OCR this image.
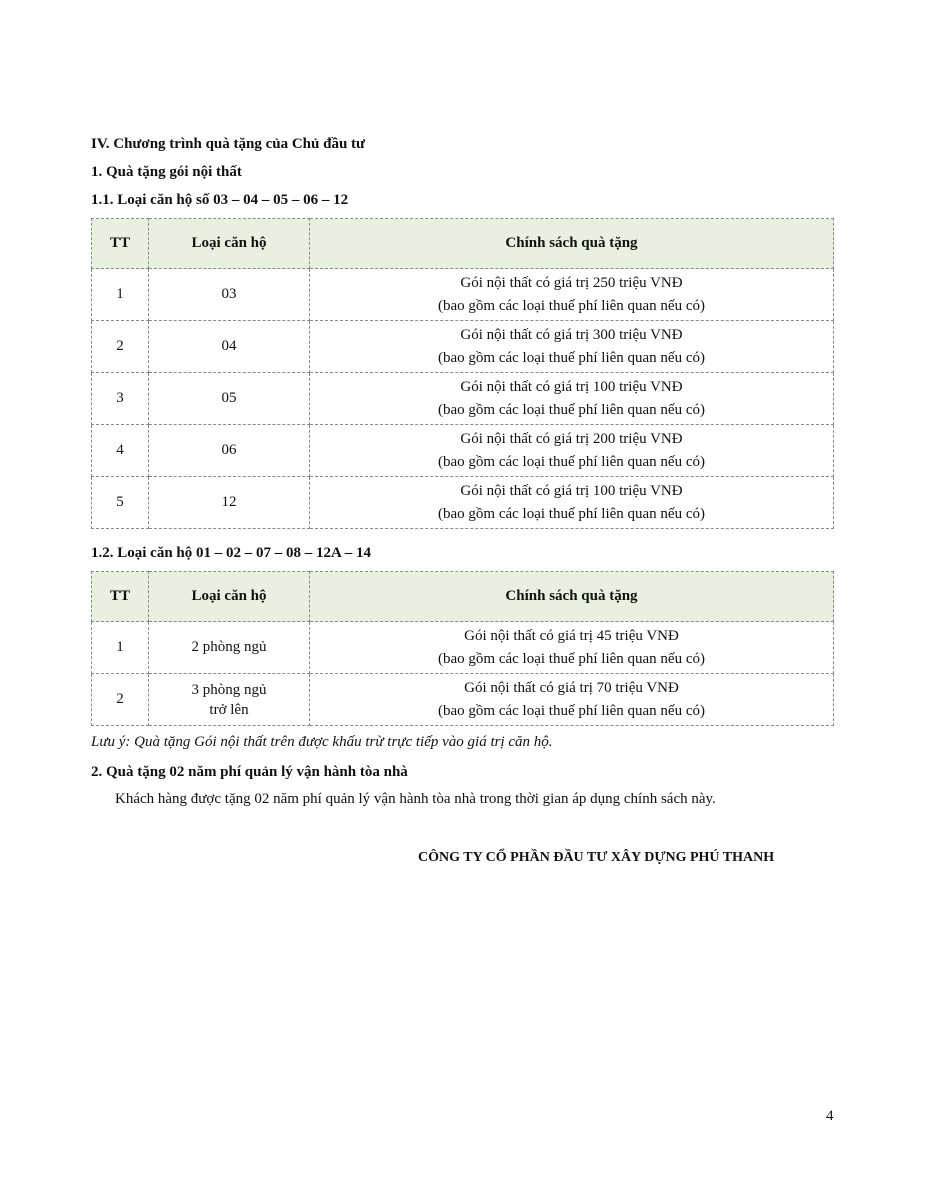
IV. Chương trình quà tặng của Chủ đầu tư
1. Quà tặng gói nội thất
1.1. Loại căn hộ số 03 – 04 – 05 – 06 – 12
TT	Loại căn hộ	Chính sách quà tặng
1	03	Gói nội thất có giá trị 250 triệu VNĐ
(bao gồm các loại thuế phí liên quan nếu có)

2	04	Gói nội thất có giá trị 300 triệu VNĐ
(bao gồm các loại thuế phí liên quan nếu có)

3	05	Gói nội thất có giá trị 100 triệu VNĐ
(bao gồm các loại thuế phí liên quan nếu có)

4	06	Gói nội thất có giá trị 200 triệu VNĐ
(bao gồm các loại thuế phí liên quan nếu có)

5	12	Gói nội thất có giá trị 100 triệu VNĐ
(bao gồm các loại thuế phí liên quan nếu có)
1.2. Loại căn hộ 01 – 02 – 07 – 08 – 12A – 14
TT	Loại căn hộ	Chính sách quà tặng
1	2 phòng ngủ	Gói nội thất có giá trị 45 triệu VNĐ
(bao gồm các loại thuế phí liên quan nếu có)

2	3 phòng ngủ
trở lên	Gói nội thất có giá trị 70 triệu VNĐ
(bao gồm các loại thuế phí liên quan nếu có)
Lưu ý: Quà tặng Gói nội thất trên được khấu trừ trực tiếp vào giá trị căn hộ.
2. Quà tặng 02 năm phí quản lý vận hành tòa nhà
Khách hàng được tặng 02 năm phí quản lý vận hành tòa nhà trong thời gian áp dụng chính sách này.
CÔNG TY CỔ PHẦN ĐẦU TƯ XÂY DỰNG PHÚ THANH
4
